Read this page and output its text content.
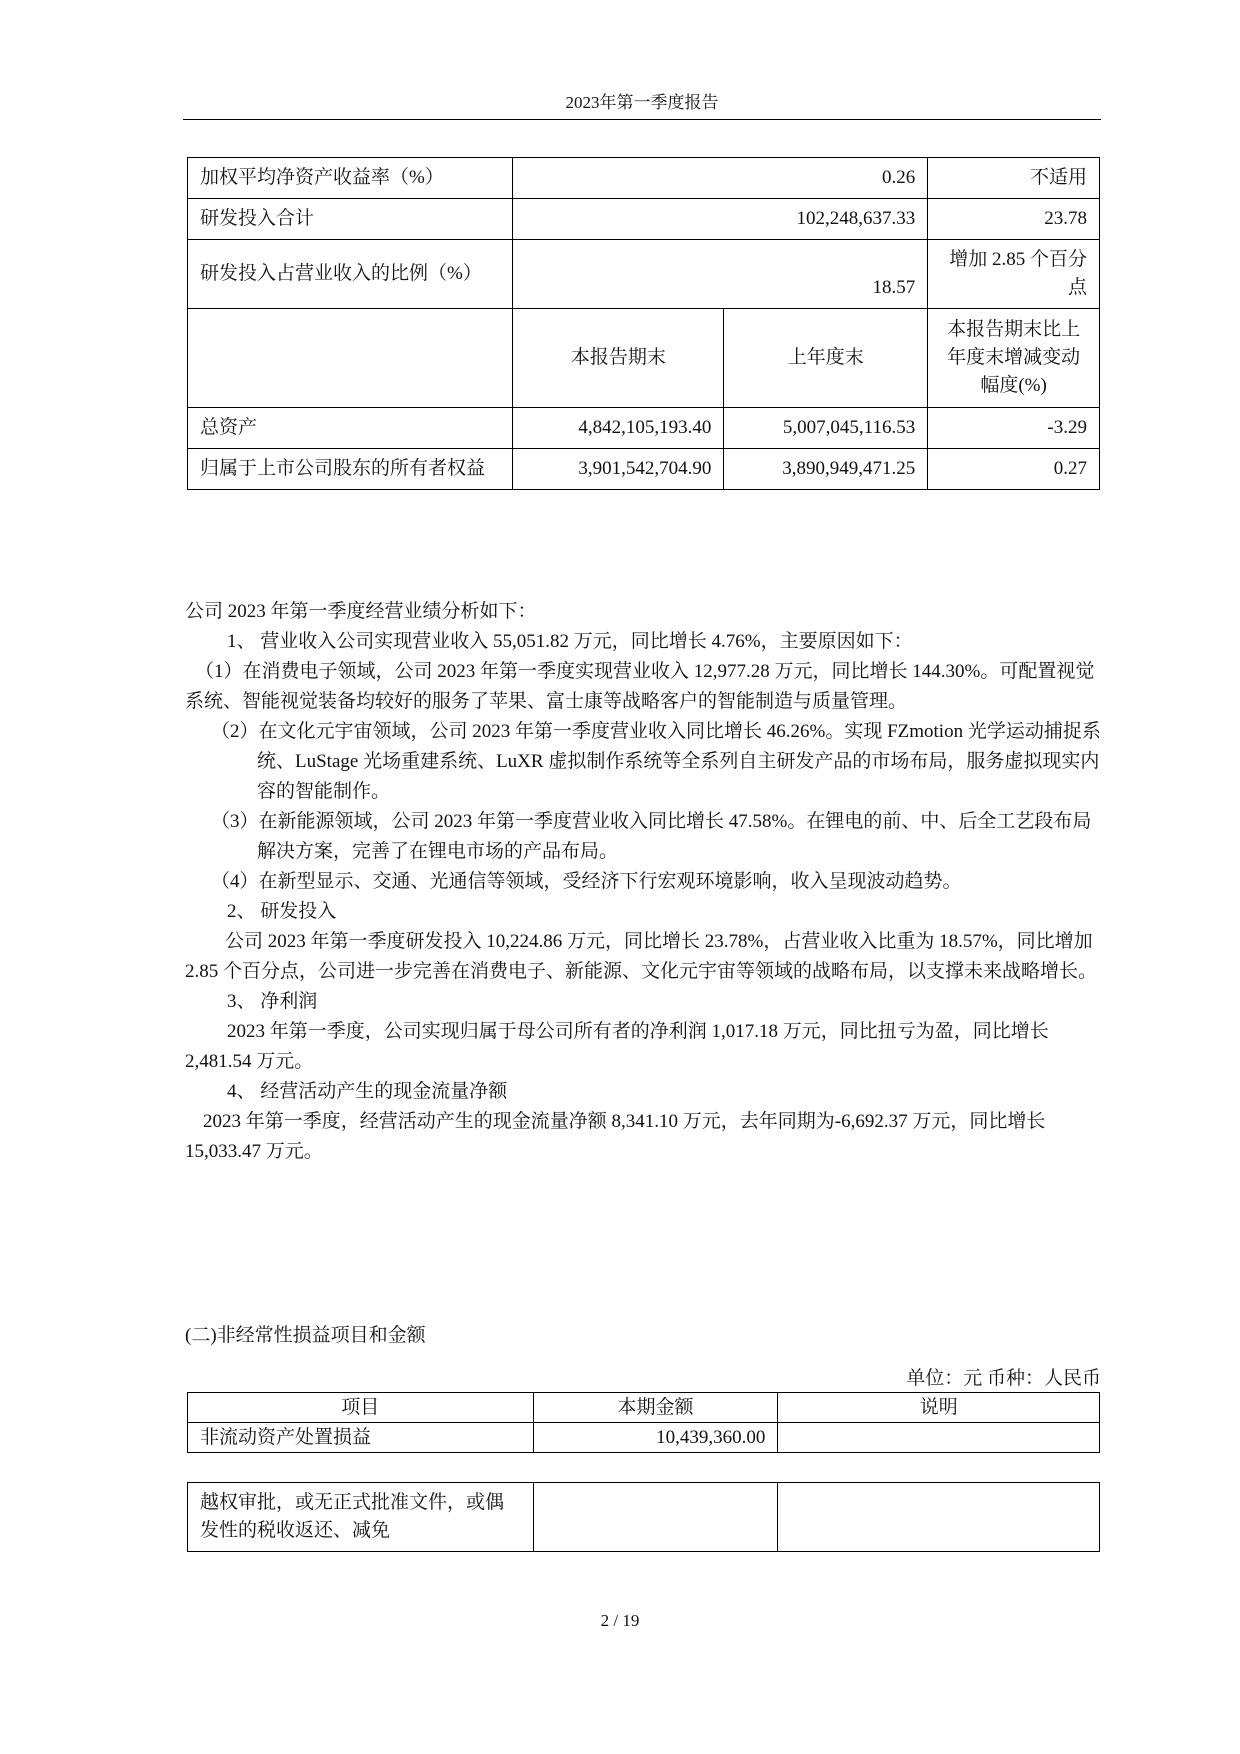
2023年第一季度报告
加权平均净资产收益率（%）	0.26		不适用
研发投入合计	102,248,637.33		23.78
研发投入占营业收入的比例（%）	18.57		增加 2.85 个百分点
	本报告期末	上年度末	本报告期末比上年度末增减变动幅度(%)
总资产	4,842,105,193.40	5,007,045,116.53	-3.29
归属于上市公司股东的所有者权益	3,901,542,704.90	3,890,949,471.25	0.27

公司 2023 年第一季度经营业绩分析如下：

1、 营业收入公司实现营业收入 55,051.82 万元，同比增长 4.76%，主要原因如下：

（1）在消费电子领域，公司 2023 年第一季度实现营业收入 12,977.28 万元，同比增长 144.30%。可配置视觉系统、智能视觉装备均较好的服务了苹果、富士康等战略客户的智能制造与质量管理。

（2）在文化元宇宙领域，公司 2023 年第一季度营业收入同比增长 46.26%。实现 FZmotion 光学运动捕捉系统、LuStage 光场重建系统、LuXR 虚拟制作系统等全系列自主研发产品的市场布局，服务虚拟现实内容的智能制作。

（3）在新能源领域，公司 2023 年第一季度营业收入同比增长 47.58%。在锂电的前、中、后全工艺段布局解决方案，完善了在锂电市场的产品布局。

（4）在新型显示、交通、光通信等领域，受经济下行宏观环境影响，收入呈现波动趋势。

2、 研发投入

公司 2023 年第一季度研发投入 10,224.86 万元，同比增长 23.78%，占营业收入比重为 18.57%，同比增加 2.85 个百分点，公司进一步完善在消费电子、新能源、文化元宇宙等领域的战略布局，以支撑未来战略增长。

3、 净利润

2023 年第一季度，公司实现归属于母公司所有者的净利润 1,017.18 万元，同比扭亏为盈，同比增长 2,481.54 万元。

4、 经营活动产生的现金流量净额

2023 年第一季度，经营活动产生的现金流量净额 8,341.10 万元，去年同期为-6,692.37 万元，同比增长 15,033.47 万元。

(二)非经常性损益项目和金额
单位：元 币种：人民币
项目	本期金额	说明
非流动资产处置损益	10,439,360.00	
越权审批，或无正式批准文件，或偶发性的税收返还、减免		
2 / 19
